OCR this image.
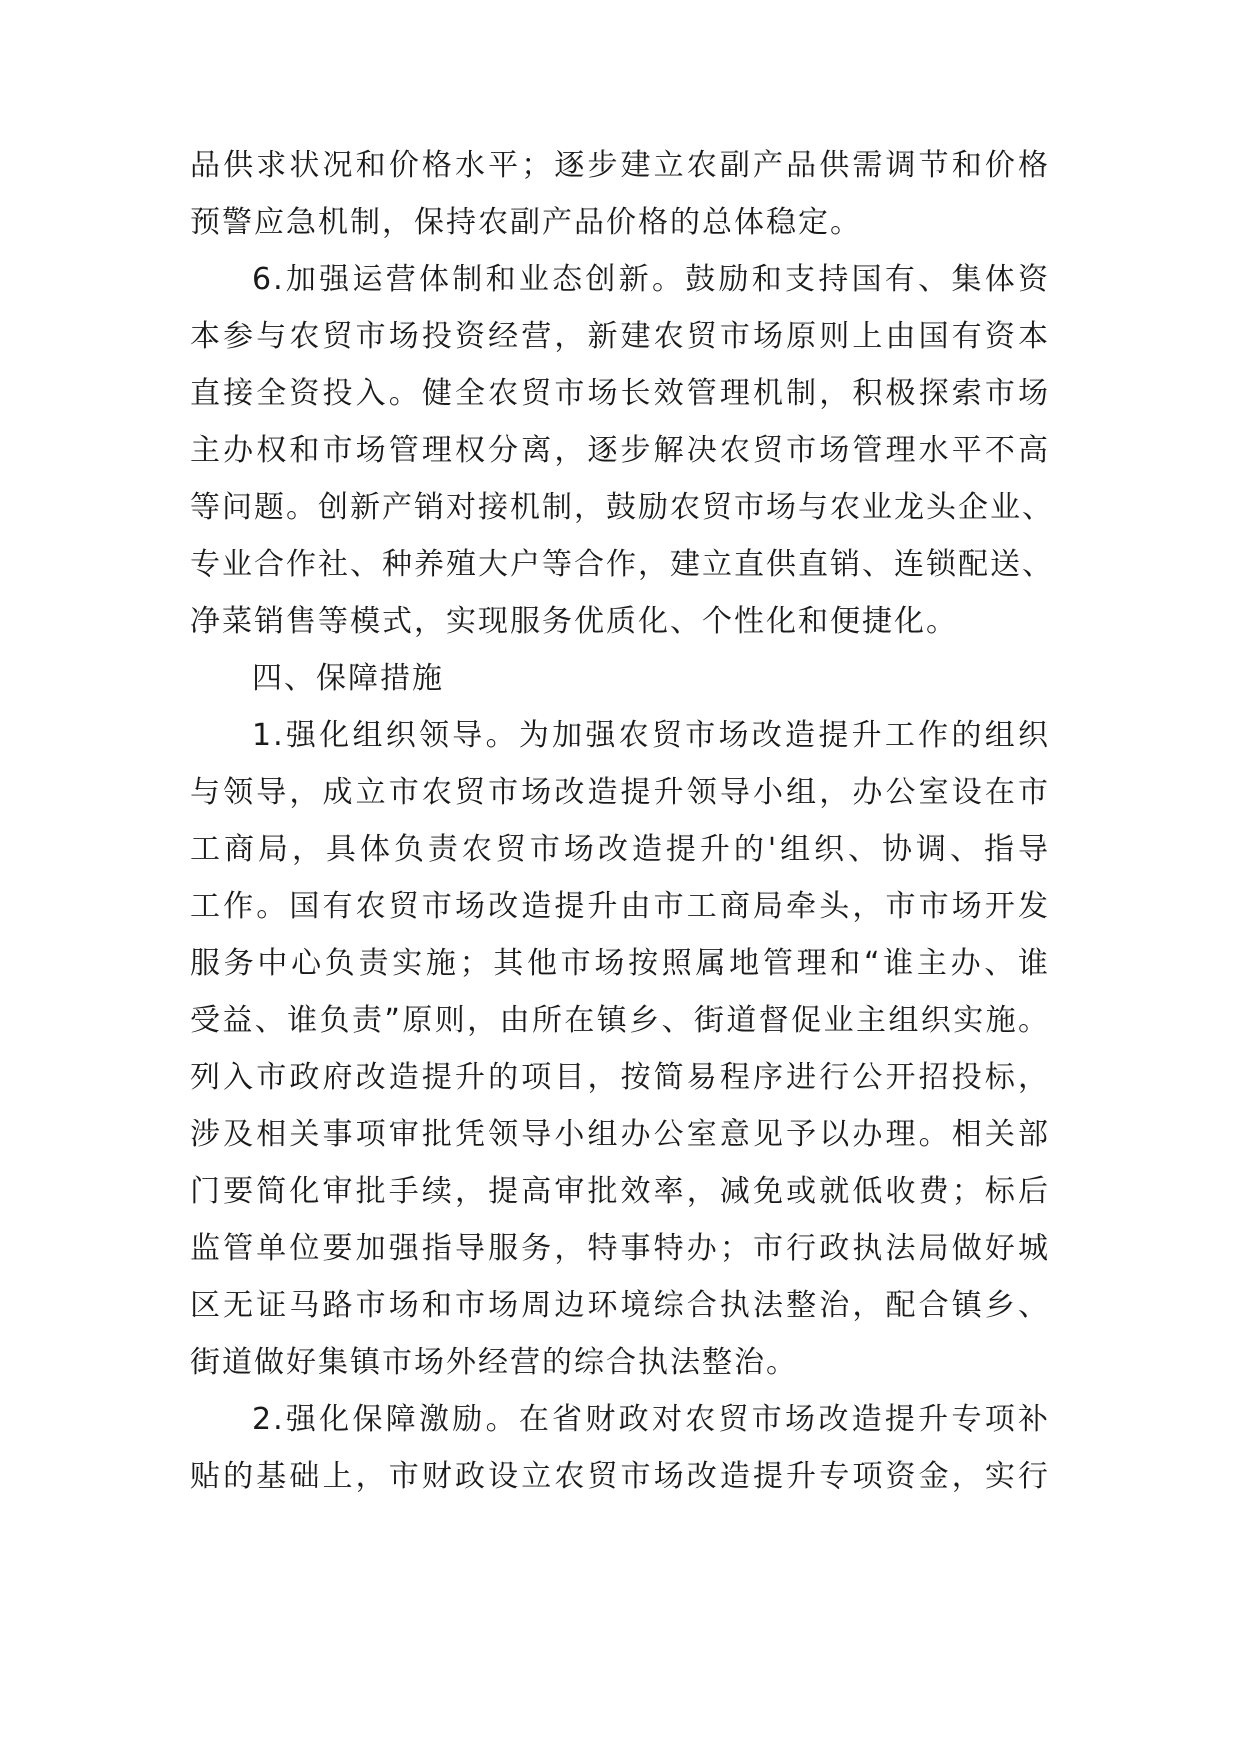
品供求状况和价格水平；逐步建立农副产品供需调节和价格
预警应急机制，保持农副产品价格的总体稳定。
6.加强运营体制和业态创新。鼓励和支持国有、集体资
本参与农贸市场投资经营，新建农贸市场原则上由国有资本
直接全资投入。健全农贸市场长效管理机制，积极探索市场
主办权和市场管理权分离，逐步解决农贸市场管理水平不高
等问题。创新产销对接机制，鼓励农贸市场与农业龙头企业、
专业合作社、种养殖大户等合作，建立直供直销、连锁配送、
净菜销售等模式，实现服务优质化、个性化和便捷化。
四、保障措施
1.强化组织领导。为加强农贸市场改造提升工作的组织
与领导，成立市农贸市场改造提升领导小组，办公室设在市
工商局，具体负责农贸市场改造提升的'组织、协调、指导
工作。国有农贸市场改造提升由市工商局牵头，市市场开发
服务中心负责实施；其他市场按照属地管理和“谁主办、谁
受益、谁负责”原则，由所在镇乡、街道督促业主组织实施。
列入市政府改造提升的项目，按简易程序进行公开招投标，
涉及相关事项审批凭领导小组办公室意见予以办理。相关部
门要简化审批手续，提高审批效率，减免或就低收费；标后
监管单位要加强指导服务，特事特办；市行政执法局做好城
区无证马路市场和市场周边环境综合执法整治，配合镇乡、
街道做好集镇市场外经营的综合执法整治。
2.强化保障激励。在省财政对农贸市场改造提升专项补
贴的基础上，市财政设立农贸市场改造提升专项资金，实行
